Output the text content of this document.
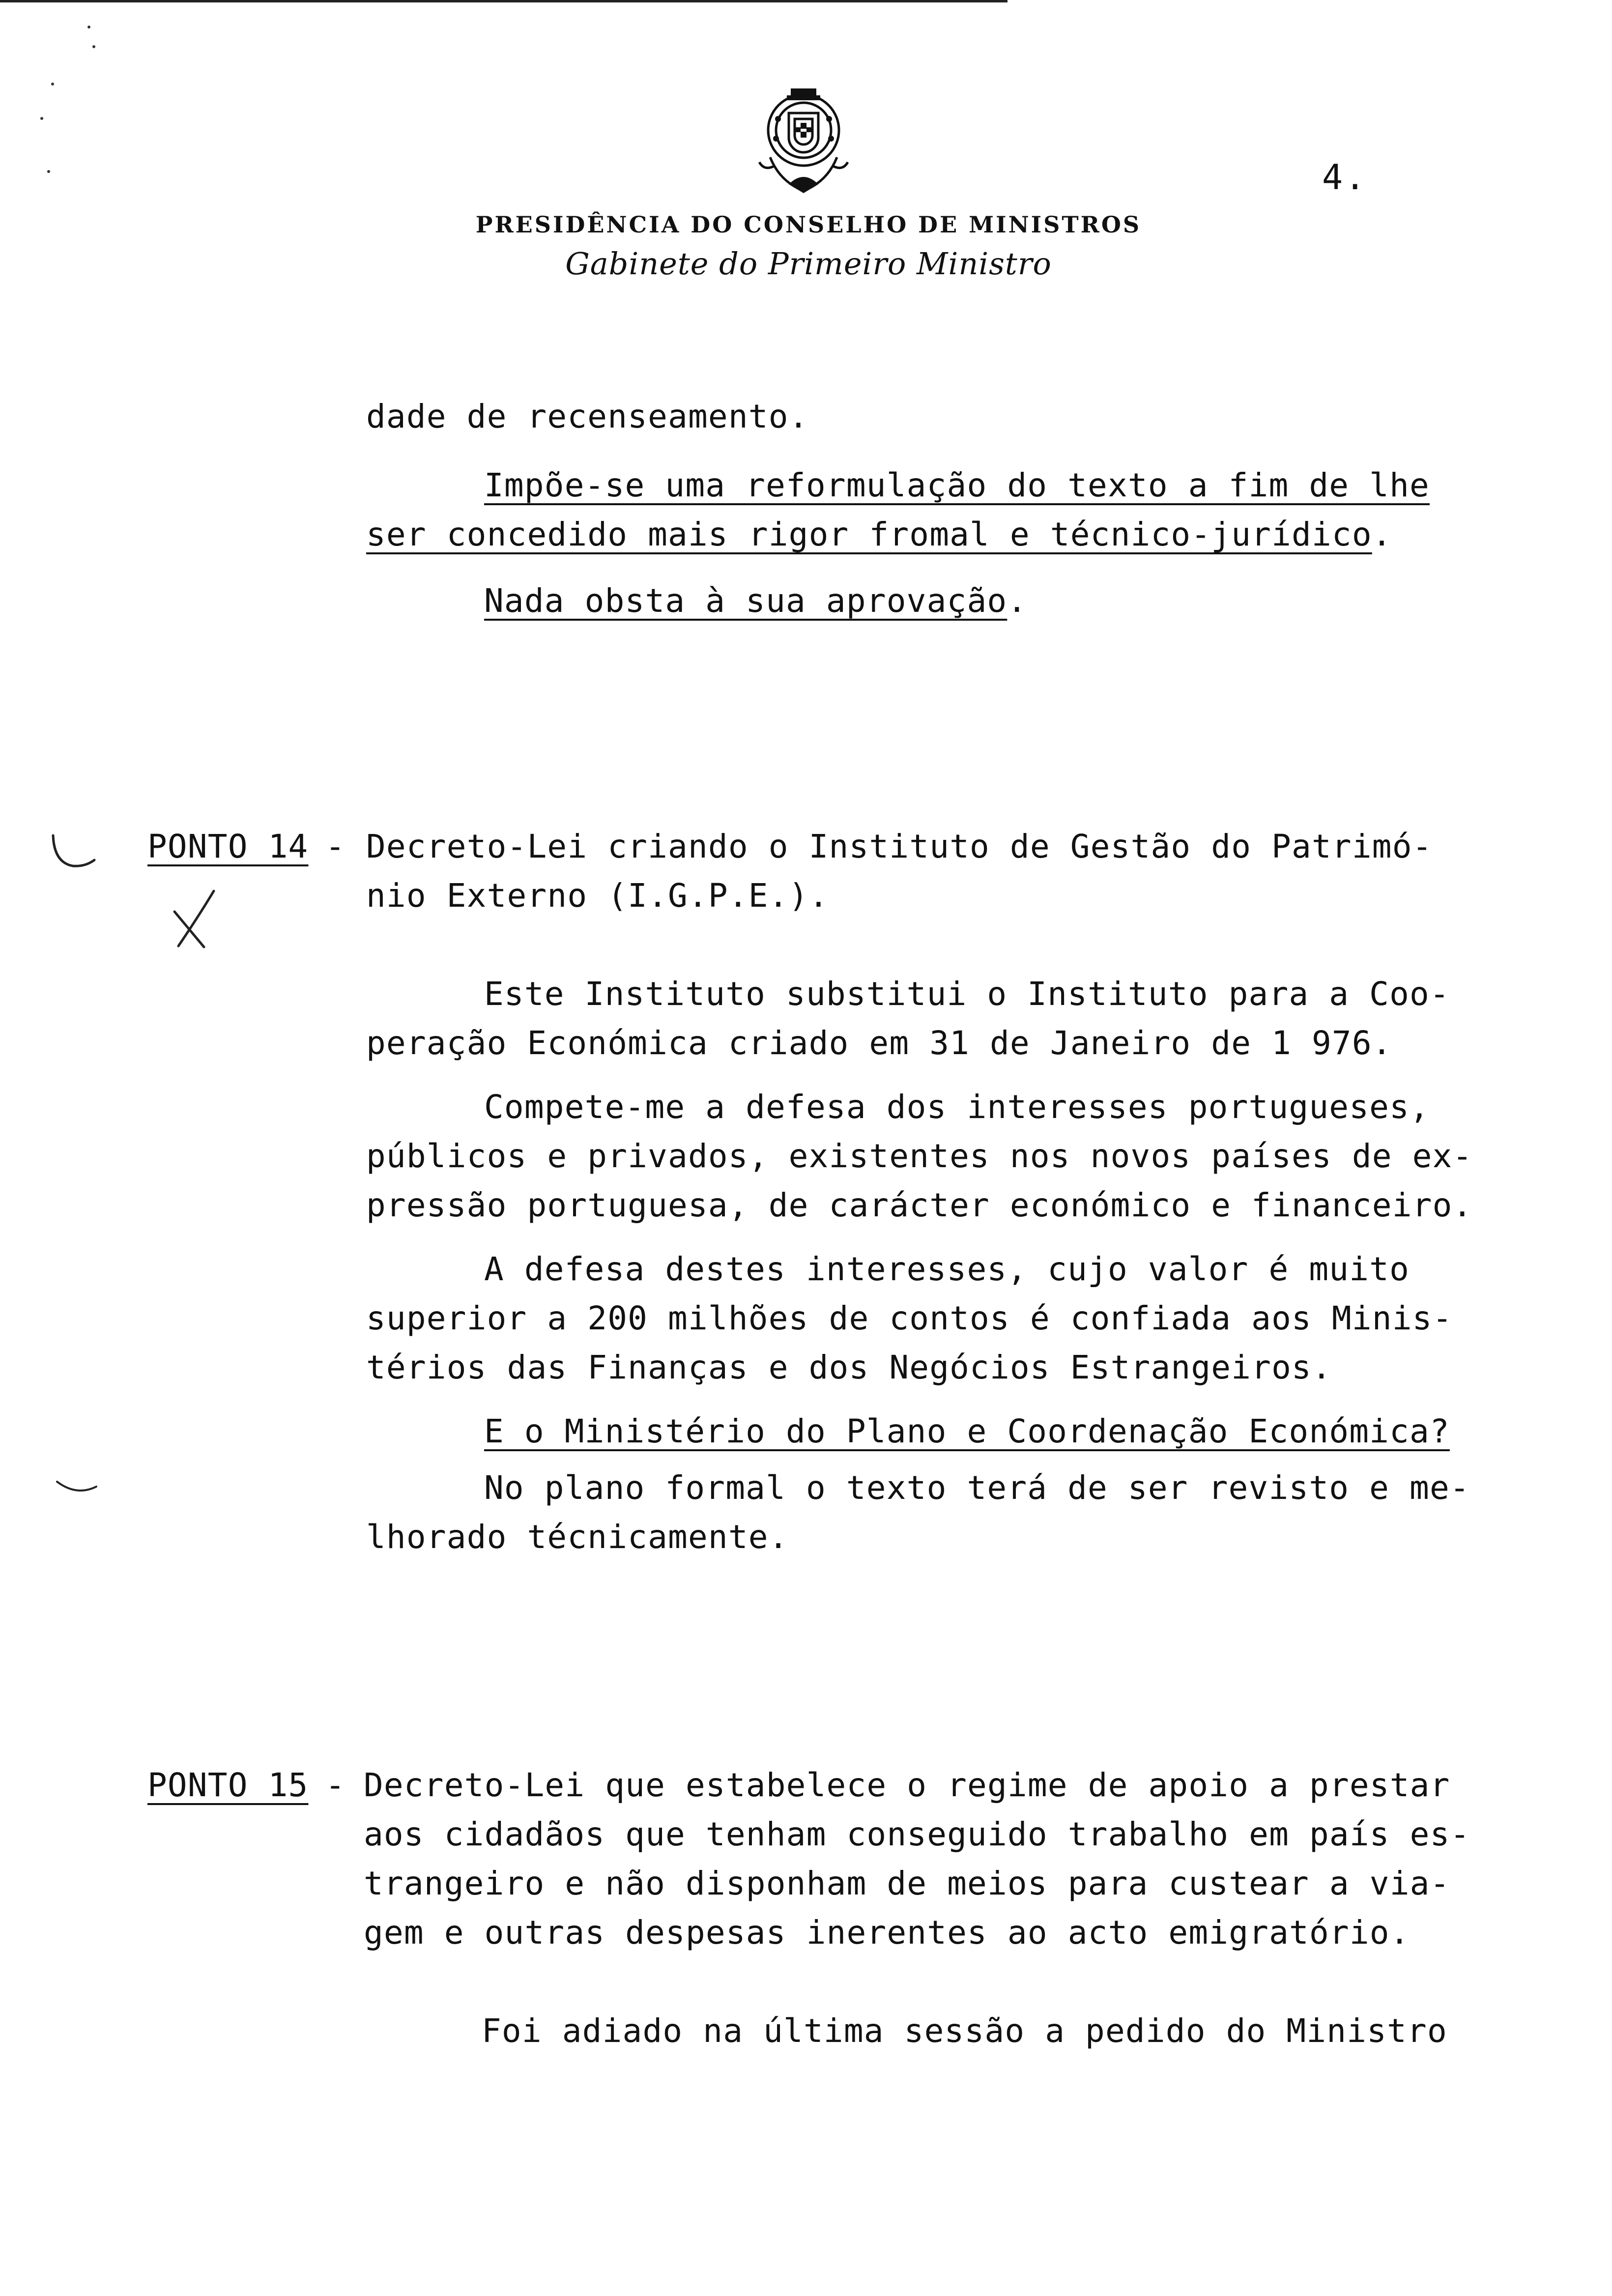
4.
PRESIDÊNCIA DO CONSELHO DE MINISTROS
Gabinete do Primeiro Ministro
dade de recenseamento.
Impõe-se uma reformulação do texto a fim de lhe
ser concedido mais rigor fromal e técnico-jurídico.
Nada obsta à sua aprovação.
PONTO 14 - Decreto-Lei criando o Instituto de Gestão do Patrimó-
nio Externo (I.G.P.E.).
Este Instituto substitui o Instituto para a Coo-
peração Económica criado em 31 de Janeiro de 1 976.
Compete-me a defesa dos interesses portugueses,
públicos e privados, existentes nos novos países de ex-
pressão portuguesa, de carácter económico e financeiro.
A defesa destes interesses, cujo valor é muito
superior a 200 milhões de contos é confiada aos Minis-
térios das Finanças e dos Negócios Estrangeiros.
E o Ministério do Plano e Coordenação Económica?
No plano formal o texto terá de ser revisto e me-
lhorado técnicamente.
PONTO 15 - Decreto-Lei que estabelece o regime de apoio a prestar
aos cidadãos que tenham conseguido trabalho em país es-
trangeiro e não disponham de meios para custear a via-
gem e outras despesas inerentes ao acto emigratório.
Foi adiado na última sessão a pedido do Ministro
